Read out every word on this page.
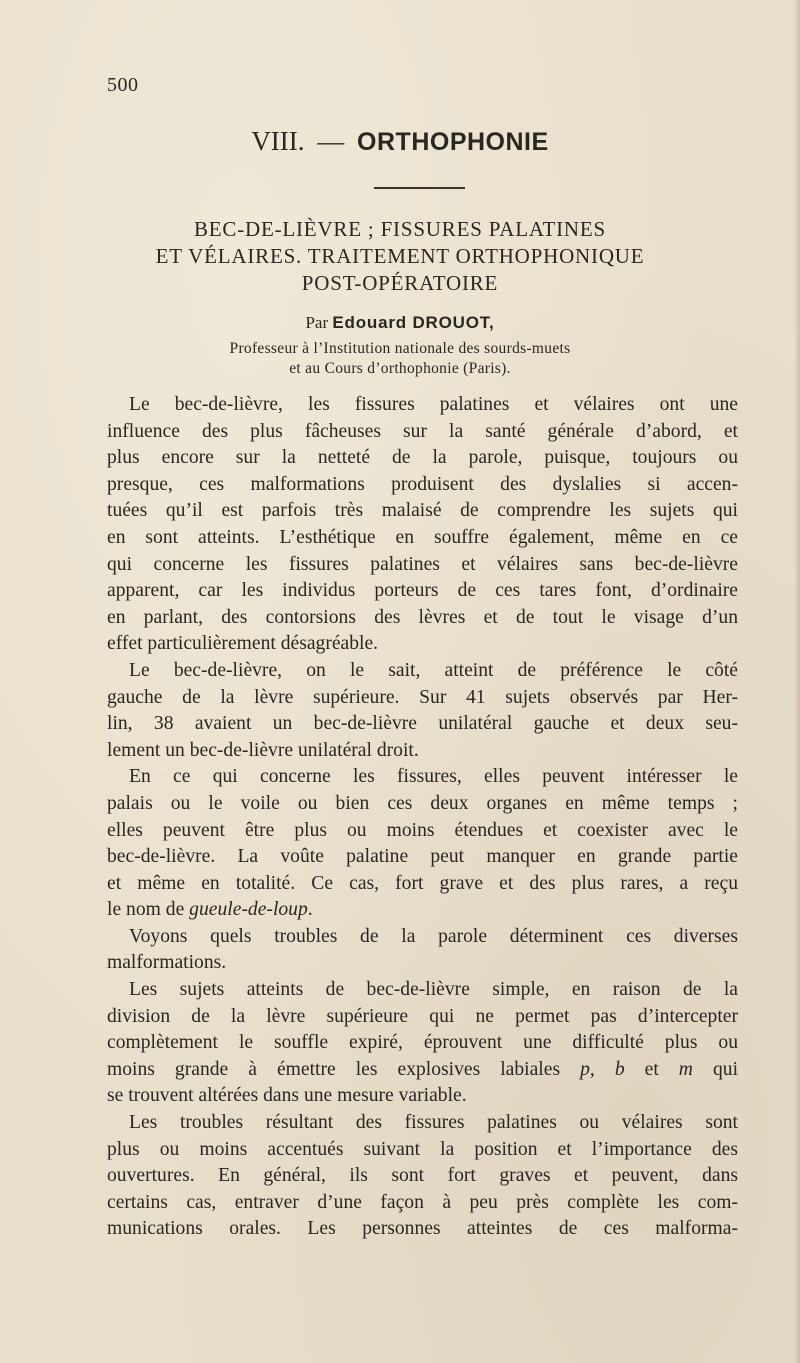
500
VIII. — ORTHOPHONIE
BEC-DE-LIÈVRE ; FISSURES PALATINES
ET VÉLAIRES. TRAITEMENT ORTHOPHONIQUE
POST-OPÉRATOIRE
Par Edouard DROUOT,
Professeur à l’Institution nationale des sourds-muets
et au Cours d’orthophonie (Paris).
Le bec-de-lièvre, les fissures palatines et vélaires ont une
influence des plus fâcheuses sur la santé générale d’abord, et
plus encore sur la netteté de la parole, puisque, toujours ou
presque, ces malformations produisent des dyslalies si accen-
tuées qu’il est parfois très malaisé de comprendre les sujets qui
en sont atteints. L’esthétique en souffre également, même en ce
qui concerne les fissures palatines et vélaires sans bec-de-lièvre
apparent, car les individus porteurs de ces tares font, d’ordinaire
en parlant, des contorsions des lèvres et de tout le visage d’un
effet particulièrement désagréable.
Le bec-de-lièvre, on le sait, atteint de préférence le côté
gauche de la lèvre supérieure. Sur 41 sujets observés par Her-
lin, 38 avaient un bec-de-lièvre unilatéral gauche et deux seu-
lement un bec-de-lièvre unilatéral droit.
En ce qui concerne les fissures, elles peuvent intéresser le
palais ou le voile ou bien ces deux organes en même temps ;
elles peuvent être plus ou moins étendues et coexister avec le
bec-de-lièvre. La voûte palatine peut manquer en grande partie
et même en totalité. Ce cas, fort grave et des plus rares, a reçu
le nom de gueule-de-loup.
Voyons quels troubles de la parole déterminent ces diverses
malformations.
Les sujets atteints de bec-de-lièvre simple, en raison de la
division de la lèvre supérieure qui ne permet pas d’intercepter
complètement le souffle expiré, éprouvent une difficulté plus ou
moins grande à émettre les explosives labiales p, b et m qui
se trouvent altérées dans une mesure variable.
Les troubles résultant des fissures palatines ou vélaires sont
plus ou moins accentués suivant la position et l’importance des
ouvertures. En général, ils sont fort graves et peuvent, dans
certains cas, entraver d’une façon à peu près complète les com-
munications orales. Les personnes atteintes de ces malforma-
